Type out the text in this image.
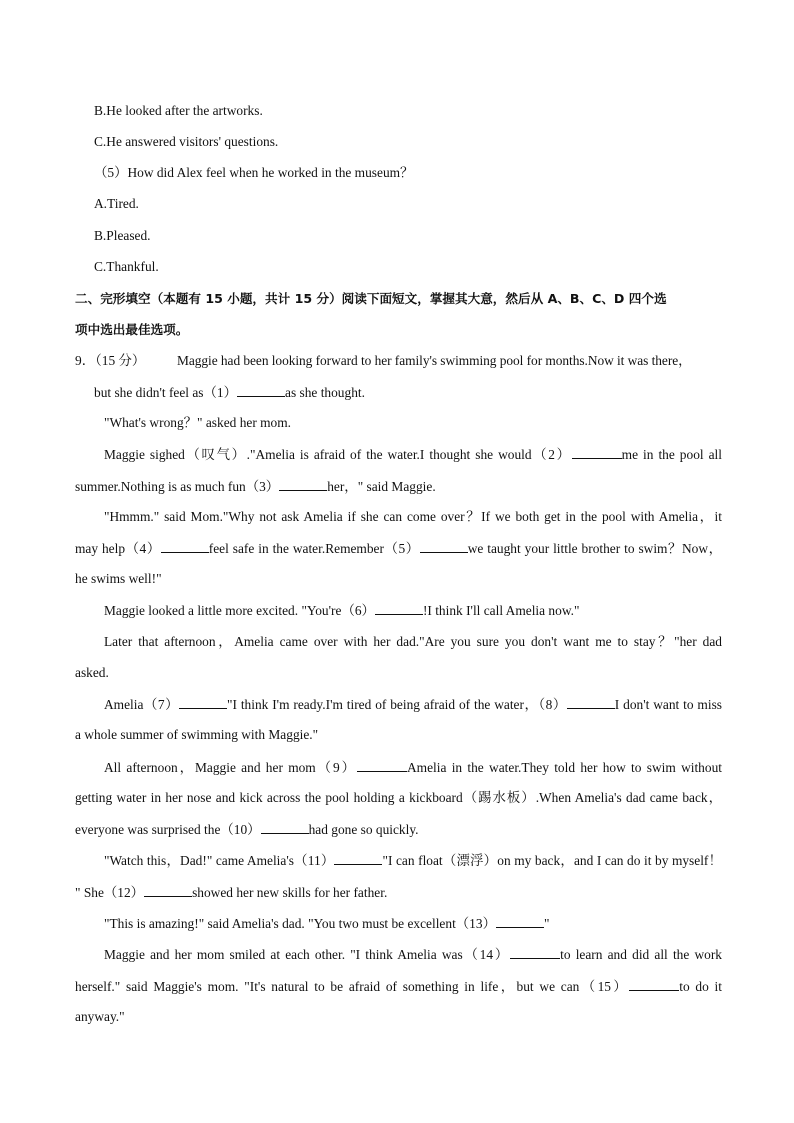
B.He looked after the artworks.
C.He answered visitors' questions.
（5）How did Alex feel when he worked in the museum？
A.Tired.
B.Pleased.
C.Thankful.
二、完形填空（本题有 15 小题，共计 15 分）阅读下面短文，掌握其大意，然后从 A、B、C、D 四个选
项中选出最佳选项。
9．（15 分） Maggie had been looking forward to her family's swimming pool for months.Now it was there，
but she didn't feel as（1）	as she thought.
"What's wrong？" asked her mom.
Maggie sighed（叹气）."Amelia is afraid of the water.I thought she would（2）	me in the pool all
summer.Nothing is as much fun（3）	her，" said Maggie.
"Hmmm." said Mom."Why not ask Amelia if she can come over？If we both get in the pool with Amelia，it
may help（4）	feel safe in the water.Remember（5）	we taught your little brother to swim？Now，
he swims well!"
Maggie looked a little more excited. "You're（6）	!I think I'll call Amelia now."
Later that afternoon，Amelia came over with her dad."Are you sure you don't want me to stay？"her dad
asked.
Amelia（7）	"I think I'm ready.I'm tired of being afraid of the water，（8）	I don't want to miss
a whole summer of swimming with Maggie."
All afternoon，Maggie and her mom（9）	Amelia in the water.They told her how to swim without
getting water in her nose and kick across the pool holding a kickboard（踢水板）.When Amelia's dad came back，
everyone was surprised the（10）	had gone so quickly.
"Watch this，Dad!" came Amelia's（11）	"I can float（漂浮）on my back，and I can do it by myself！
" She（12）	showed her new skills for her father.
"This is amazing!" said Amelia's dad. "You two must be excellent（13）	"
Maggie and her mom smiled at each other. "I think Amelia was（14）	to learn and did all the work
herself." said Maggie's mom. "It's natural to be afraid of something in life，but we can（15）	to do it
anyway."
